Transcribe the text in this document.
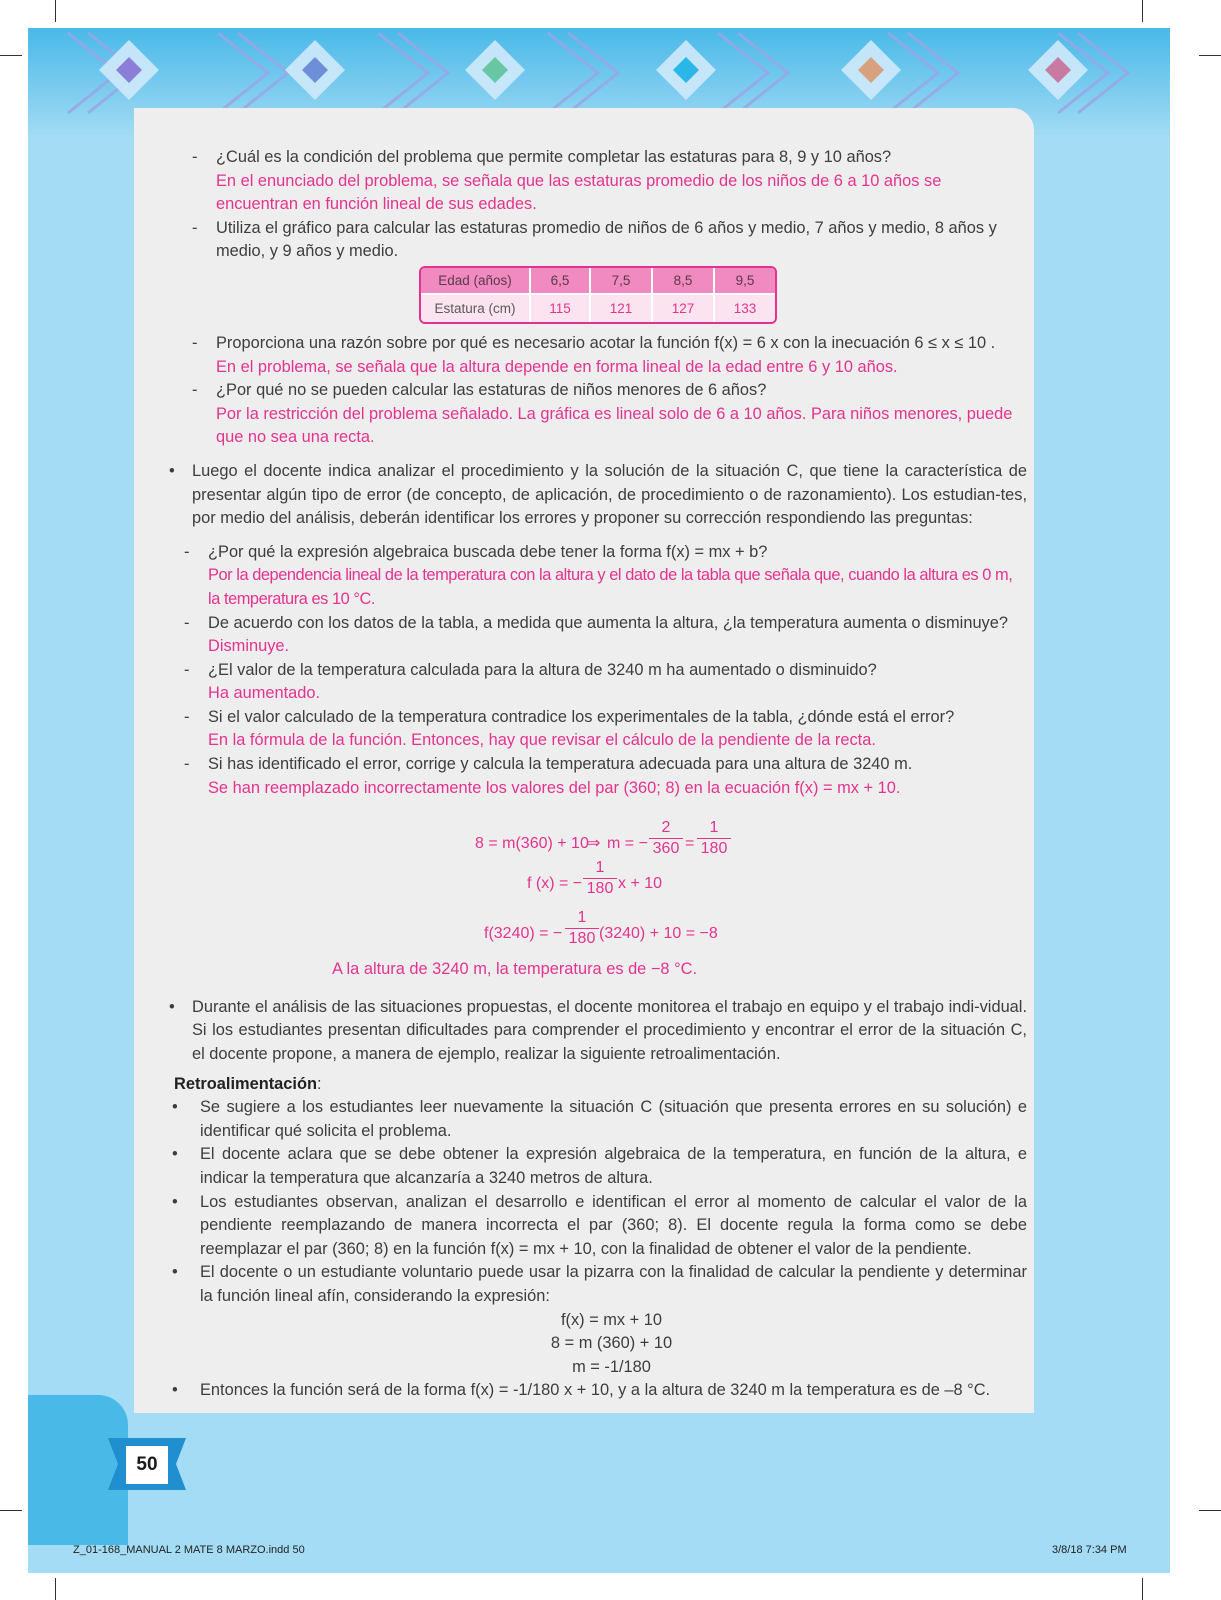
- ¿Cuál es la condición del problema que permite completar las estaturas para 8, 9 y 10 años?
En el enunciado del problema, se señala que las estaturas promedio de los niños de 6 a 10 años se encuentran en función lineal de sus edades.
- Utiliza el gráfico para calcular las estaturas promedio de niños de 6 años y medio, 7 años y medio, 8 años y medio, y 9 años y medio.
Edad (años)	6,5	7,5	8,5	9,5
Estatura (cm)	115	121	127	133
- Proporciona una razón sobre por qué es necesario acotar la función f(x) = 6 x con la inecuación 6 ≤ x ≤ 10 .
En el problema, se señala que la altura depende en forma lineal de la edad entre 6 y 10 años.
- ¿Por qué no se pueden calcular las estaturas de niños menores de 6 años?
Por la restricción del problema señalado. La gráfica es lineal solo de 6 a 10 años. Para niños menores, puede que no sea una recta.
• Luego el docente indica analizar el procedimiento y la solución de la situación C, que tiene la característica de presentar algún tipo de error (de concepto, de aplicación, de procedimiento o de razonamiento). Los estudian-tes, por medio del análisis, deberán identificar los errores y proponer su corrección respondiendo las preguntas:
- ¿Por qué la expresión algebraica buscada debe tener la forma f(x) = mx + b?
Por la dependencia lineal de la temperatura con la altura y el dato de la tabla que señala que, cuando la altura es 0 m, la temperatura es 10 °C.
- De acuerdo con los datos de la tabla, a medida que aumenta la altura, ¿la temperatura aumenta o disminuye?
Disminuye.
- ¿El valor de la temperatura calculada para la altura de 3240 m ha aumentado o disminuido?
Ha aumentado.
- Si el valor calculado de la temperatura contradice los experimentales de la tabla, ¿dónde está el error?
En la fórmula de la función. Entonces, hay que revisar el cálculo de la pendiente de la recta.
- Si has identificado el error, corrige y calcula la temperatura adecuada para una altura de 3240 m.
Se han reemplazado incorrectamente los valores del par (360; 8) en la ecuación f(x) = mx + 10.
8 = m(360) + 10
⇒ m = −
2
360 =
1
180
f (x) = −
1
180 x + 10
f(3240) = −
1
180 (3240) + 10 = −8
A la altura de 3240 m, la temperatura es de −8 °C.
• Durante el análisis de las situaciones propuestas, el docente monitorea el trabajo en equipo y el trabajo indi-vidual. Si los estudiantes presentan dificultades para comprender el procedimiento y encontrar el error de la situación C, el docente propone, a manera de ejemplo, realizar la siguiente retroalimentación.
Retroalimentación:
• Se sugiere a los estudiantes leer nuevamente la situación C (situación que presenta errores en su solución) e identificar qué solicita el problema.
• El docente aclara que se debe obtener la expresión algebraica de la temperatura, en función de la altura, e indicar la temperatura que alcanzaría a 3240 metros de altura.
• Los estudiantes observan, analizan el desarrollo e identifican el error al momento de calcular el valor de la pendiente reemplazando de manera incorrecta el par (360; 8). El docente regula la forma como se debe reemplazar el par (360; 8) en la función f(x) = mx + 10, con la finalidad de obtener el valor de la pendiente.
• El docente o un estudiante voluntario puede usar la pizarra con la finalidad de calcular la pendiente y determinar la función lineal afín, considerando la expresión:
f(x) = mx + 10
8 = m (360) + 10
m = -1/180
• Entonces la función será de la forma f(x) = -1/180 x + 10, y a la altura de 3240 m la temperatura es de –8 °C.
50
Z_01-168_MANUAL 2 MATE 8 MARZO.indd 50	3/8/18 7:34 PM
